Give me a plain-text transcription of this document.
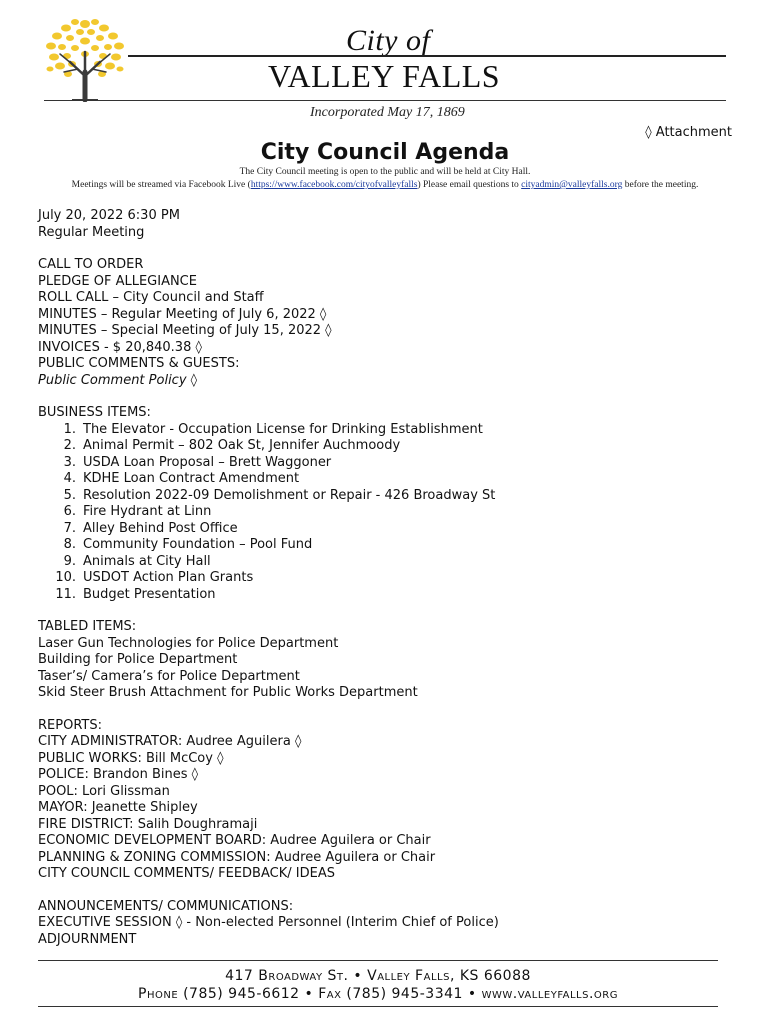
City of
VALLEY FALLS
Incorporated May 17, 1869
◊ Attachment
City Council Agenda
The City Council meeting is open to the public and will be held at City Hall.
Meetings will be streamed via Facebook Live (https://www.facebook.com/cityofvalleyfalls) Please email questions to cityadmin@valleyfalls.org before the meeting.

July 20, 2022 6:30 PM

Regular Meeting

CALL TO ORDER

PLEDGE OF ALLEGIANCE

ROLL CALL – City Council and Staff

MINUTES – Regular Meeting of July 6, 2022 ◊

MINUTES – Special Meeting of July 15, 2022 ◊

INVOICES - $ 20,840.38 ◊

PUBLIC COMMENTS & GUESTS:

Public Comment Policy ◊

BUSINESS ITEMS:

1. The Elevator - Occupation License for Drinking Establishment
2. Animal Permit – 802 Oak St, Jennifer Auchmoody
3. USDA Loan Proposal – Brett Waggoner
4. KDHE Loan Contract Amendment
5. Resolution 2022-09 Demolishment or Repair - 426 Broadway St
6. Fire Hydrant at Linn
7. Alley Behind Post Office
8. Community Foundation – Pool Fund
9. Animals at City Hall
10. USDOT Action Plan Grants
11. Budget Presentation

TABLED ITEMS:

Laser Gun Technologies for Police Department

Building for Police Department

Taser’s/ Camera’s for Police Department

Skid Steer Brush Attachment for Public Works Department

REPORTS:

CITY ADMINISTRATOR: Audree Aguilera ◊

PUBLIC WORKS: Bill McCoy ◊

POLICE: Brandon Bines ◊

POOL: Lori Glissman

MAYOR: Jeanette Shipley

FIRE DISTRICT: Salih Doughramaji

ECONOMIC DEVELOPMENT BOARD: Audree Aguilera or Chair

PLANNING & ZONING COMMISSION: Audree Aguilera or Chair

CITY COUNCIL COMMENTS/ FEEDBACK/ IDEAS

ANNOUNCEMENTS/ COMMUNICATIONS:

EXECUTIVE SESSION ◊ - Non-elected Personnel (Interim Chief of Police)

ADJOURNMENT

417 Broadway St. • Valley Falls, KS 66088
Phone (785) 945-6612 • Fax (785) 945-3341 • www.valleyfalls.org
